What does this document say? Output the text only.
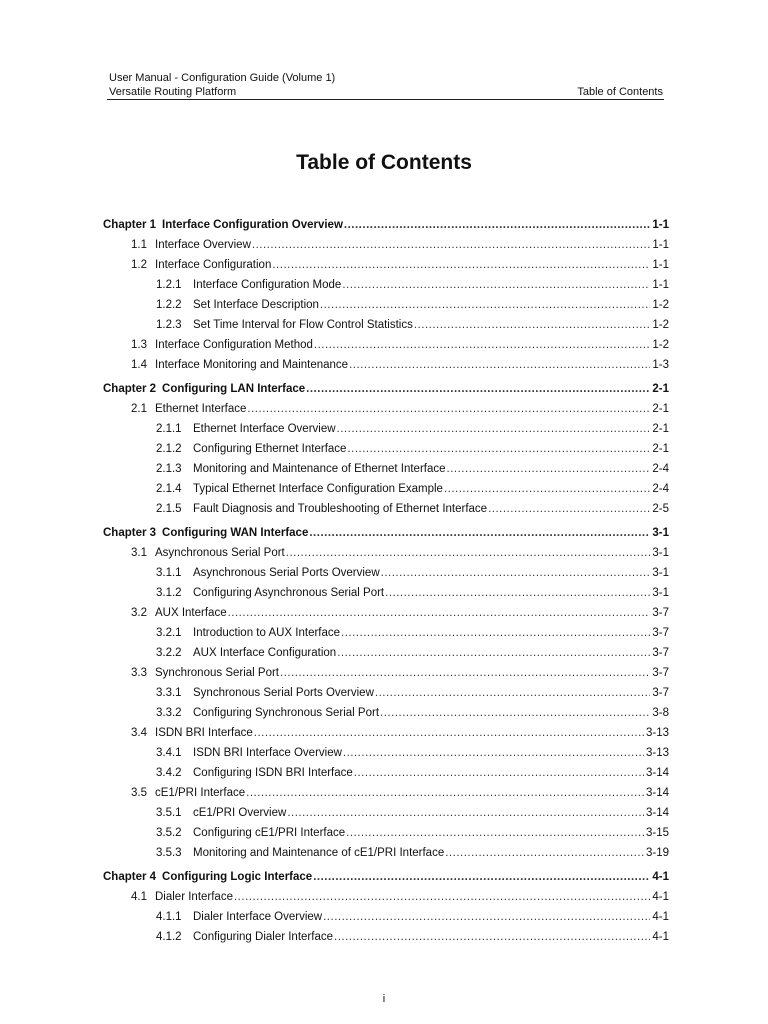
User Manual - Configuration Guide (Volume 1)
Versatile Routing Platform	Table of Contents
Table of Contents
Chapter 1 Interface Configuration Overview .....	1-1
1.1 Interface Overview .....	1-1
1.2 Interface Configuration .....	1-1
1.2.1 Interface Configuration Mode .....	1-1
1.2.2 Set Interface Description .....	1-2
1.2.3 Set Time Interval for Flow Control Statistics .....	1-2
1.3 Interface Configuration Method .....	1-2
1.4 Interface Monitoring and Maintenance .....	1-3
Chapter 2 Configuring LAN Interface .....	2-1
2.1 Ethernet Interface .....	2-1
2.1.1 Ethernet Interface Overview .....	2-1
2.1.2 Configuring Ethernet Interface .....	2-1
2.1.3 Monitoring and Maintenance of Ethernet Interface .....	2-4
2.1.4 Typical Ethernet Interface Configuration Example .....	2-4
2.1.5 Fault Diagnosis and Troubleshooting of Ethernet Interface .....	2-5
Chapter 3 Configuring WAN Interface .....	3-1
3.1 Asynchronous Serial Port .....	3-1
3.1.1 Asynchronous Serial Ports Overview .....	3-1
3.1.2 Configuring Asynchronous Serial Port .....	3-1
3.2 AUX Interface .....	3-7
3.2.1 Introduction to AUX Interface .....	3-7
3.2.2 AUX Interface Configuration .....	3-7
3.3 Synchronous Serial Port .....	3-7
3.3.1 Synchronous Serial Ports Overview .....	3-7
3.3.2 Configuring Synchronous Serial Port .....	3-8
3.4 ISDN BRI Interface .....	3-13
3.4.1 ISDN BRI Interface Overview .....	3-13
3.4.2 Configuring ISDN BRI Interface .....	3-14
3.5 cE1/PRI Interface .....	3-14
3.5.1 cE1/PRI Overview .....	3-14
3.5.2 Configuring cE1/PRI Interface .....	3-15
3.5.3 Monitoring and Maintenance of cE1/PRI Interface .....	3-19
Chapter 4 Configuring Logic Interface .....	4-1
4.1 Dialer Interface .....	4-1
4.1.1 Dialer Interface Overview .....	4-1
4.1.2 Configuring Dialer Interface .....	4-1
i
